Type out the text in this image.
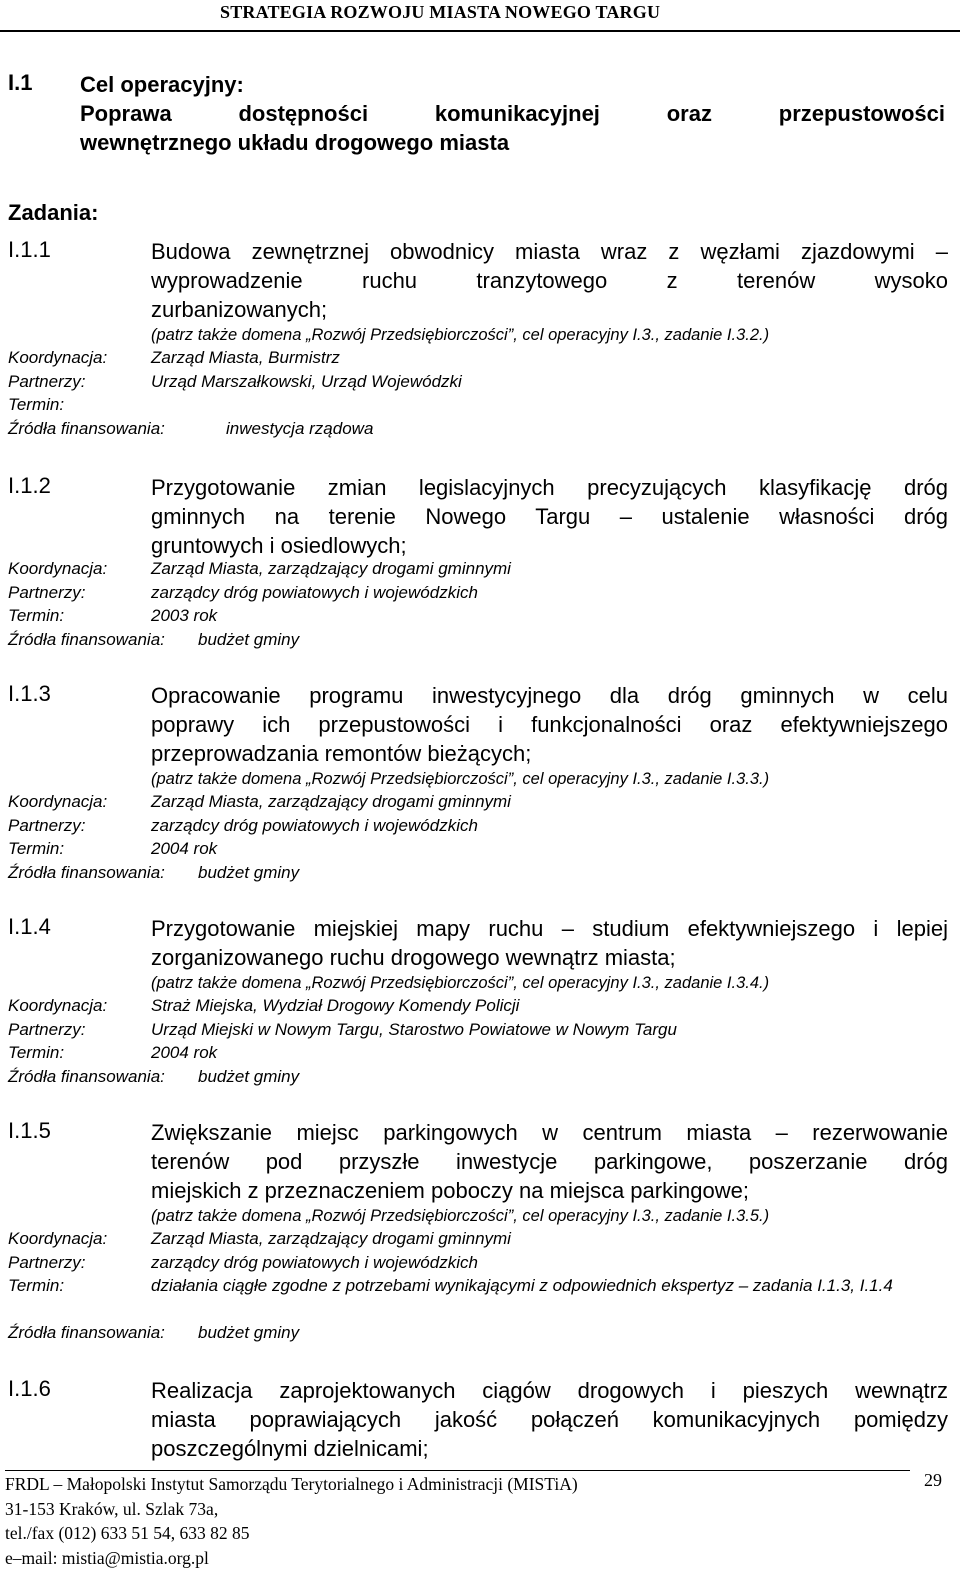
STRATEGIA ROZWOJU MIASTA NOWEGO TARGU
I.1 Cel operacyjny:
Poprawa dostępności komunikacyjnej oraz przepustowości
wewnętrznego układu drogowego miasta
Zadania:
I.1.1	Budowa zewnętrznej obwodnicy miasta wraz z węzłami zjazdowymi –
wyprowadzenie ruchu tranzytowego z terenów wysoko
zurbanizowanych;
(patrz także domena „Rozwój Przedsiębiorczości”, cel operacyjny I.3., zadanie I.3.2.)
Koordynacja:	Zarząd Miasta, Burmistrz
Partnerzy:	Urząd Marszałkowski, Urząd Wojewódzki
Termin:
Źródła finansowania:	inwestycja rządowa
I.1.2	Przygotowanie zmian legislacyjnych precyzujących klasyfikację dróg
gminnych na terenie Nowego Targu – ustalenie własności dróg
gruntowych i osiedlowych;
Koordynacja:	Zarząd Miasta, zarządzający drogami gminnymi
Partnerzy:	zarządcy dróg powiatowych i wojewódzkich
Termin:	2003 rok
Źródła finansowania: budżet gminy
I.1.3	Opracowanie programu inwestycyjnego dla dróg gminnych w celu
poprawy ich przepustowości i funkcjonalności oraz efektywniejszego
przeprowadzania remontów bieżących;
(patrz także domena „Rozwój Przedsiębiorczości”, cel operacyjny I.3., zadanie I.3.3.)
Koordynacja:	Zarząd Miasta, zarządzający drogami gminnymi
Partnerzy:	zarządcy dróg powiatowych i wojewódzkich
Termin:	2004 rok
Źródła finansowania: budżet gminy
I.1.4	Przygotowanie miejskiej mapy ruchu – studium efektywniejszego i lepiej
zorganizowanego ruchu drogowego wewnątrz miasta;
(patrz także domena „Rozwój Przedsiębiorczości”, cel operacyjny I.3., zadanie I.3.4.)
Koordynacja:	Straż Miejska, Wydział Drogowy Komendy Policji
Partnerzy:	Urząd Miejski w Nowym Targu, Starostwo Powiatowe w Nowym Targu
Termin:	2004 rok
Źródła finansowania: budżet gminy
I.1.5	Zwiększanie miejsc parkingowych w centrum miasta – rezerwowanie
terenów pod przyszłe inwestycje parkingowe, poszerzanie dróg
miejskich z przeznaczeniem poboczy na miejsca parkingowe;
(patrz także domena „Rozwój Przedsiębiorczości”, cel operacyjny I.3., zadanie I.3.5.)
Koordynacja:	Zarząd Miasta, zarządzający drogami gminnymi
Partnerzy:	zarządcy dróg powiatowych i wojewódzkich
Termin:	działania ciągłe zgodne z potrzebami wynikającymi z odpowiednich ekspertyz – zadania I.1.3, I.1.4
Źródła finansowania: budżet gminy
I.1.6	Realizacja zaprojektowanych ciągów drogowych i pieszych wewnątrz
miasta poprawiających jakość połączeń komunikacyjnych pomiędzy
poszczególnymi dzielnicami;
FRDL – Małopolski Instytut Samorządu Terytorialnego i Administracji (MISTiA)
31-153 Kraków, ul. Szlak 73a,
tel./fax (012) 633 51 54, 633 82 85
e–mail: mistia@mistia.org.pl
29
